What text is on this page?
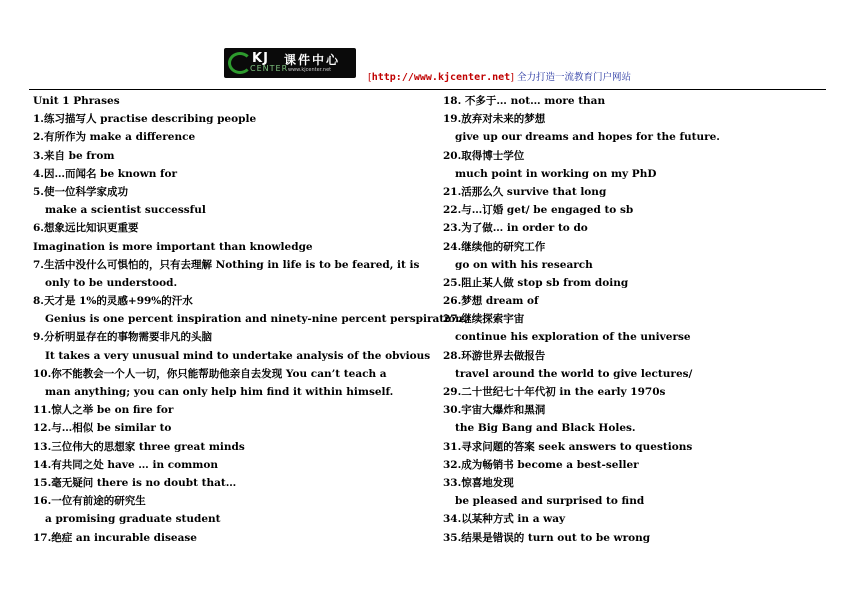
KJ
CENTER
课件中心
www.kjcenter.net
[http://www.kjcenter.net] 全力打造一流教育门户网站
Unit 1 Phrases
1.练习描写人 practise describing people
2.有所作为 make a difference
3.来自 be from
4.因…而闻名 be known for
5.使一位科学家成功
make a scientist successful
6.想象远比知识更重要
Imagination is more important than knowledge
7.生活中没什么可惧怕的，只有去理解 Nothing in life is to be feared, it is
only to be understood.
8.天才是 1%的灵感+99%的汗水
Genius is one percent inspiration and ninety-nine percent perspiration.
9.分析明显存在的事物需要非凡的头脑
It takes a very unusual mind to undertake analysis of the obvious
10.你不能教会一个人一切，你只能帮助他亲自去发现 You can’t teach a
man anything; you can only help him find it within himself.
11.惊人之举 be on fire for
12.与…相似 be similar to
13.三位伟大的思想家 three great minds
14.有共同之处 have … in common
15.毫无疑问 there is no doubt that…
16.一位有前途的研究生
a promising graduate student
17.绝症 an incurable disease
18. 不多于… not… more than
19.放弃对未来的梦想
give up our dreams and hopes for the future.
20.取得博士学位
much point in working on my PhD
21.活那么久 survive that long
22.与…订婚 get/ be engaged to sb
23.为了做… in order to do
24.继续他的研究工作
go on with his research
25.阻止某人做 stop sb from doing
26.梦想 dream of
27.继续探索宇宙
continue his exploration of the universe
28.环游世界去做报告
travel around the world to give lectures/
29.二十世纪七十年代初 in the early 1970s
30.宇宙大爆炸和黑洞
the Big Bang and Black Holes.
31.寻求问题的答案 seek answers to questions
32.成为畅销书 become a best-seller
33.惊喜地发现
be pleased and surprised to find
34.以某种方式 in a way
35.结果是错误的 turn out to be wrong
